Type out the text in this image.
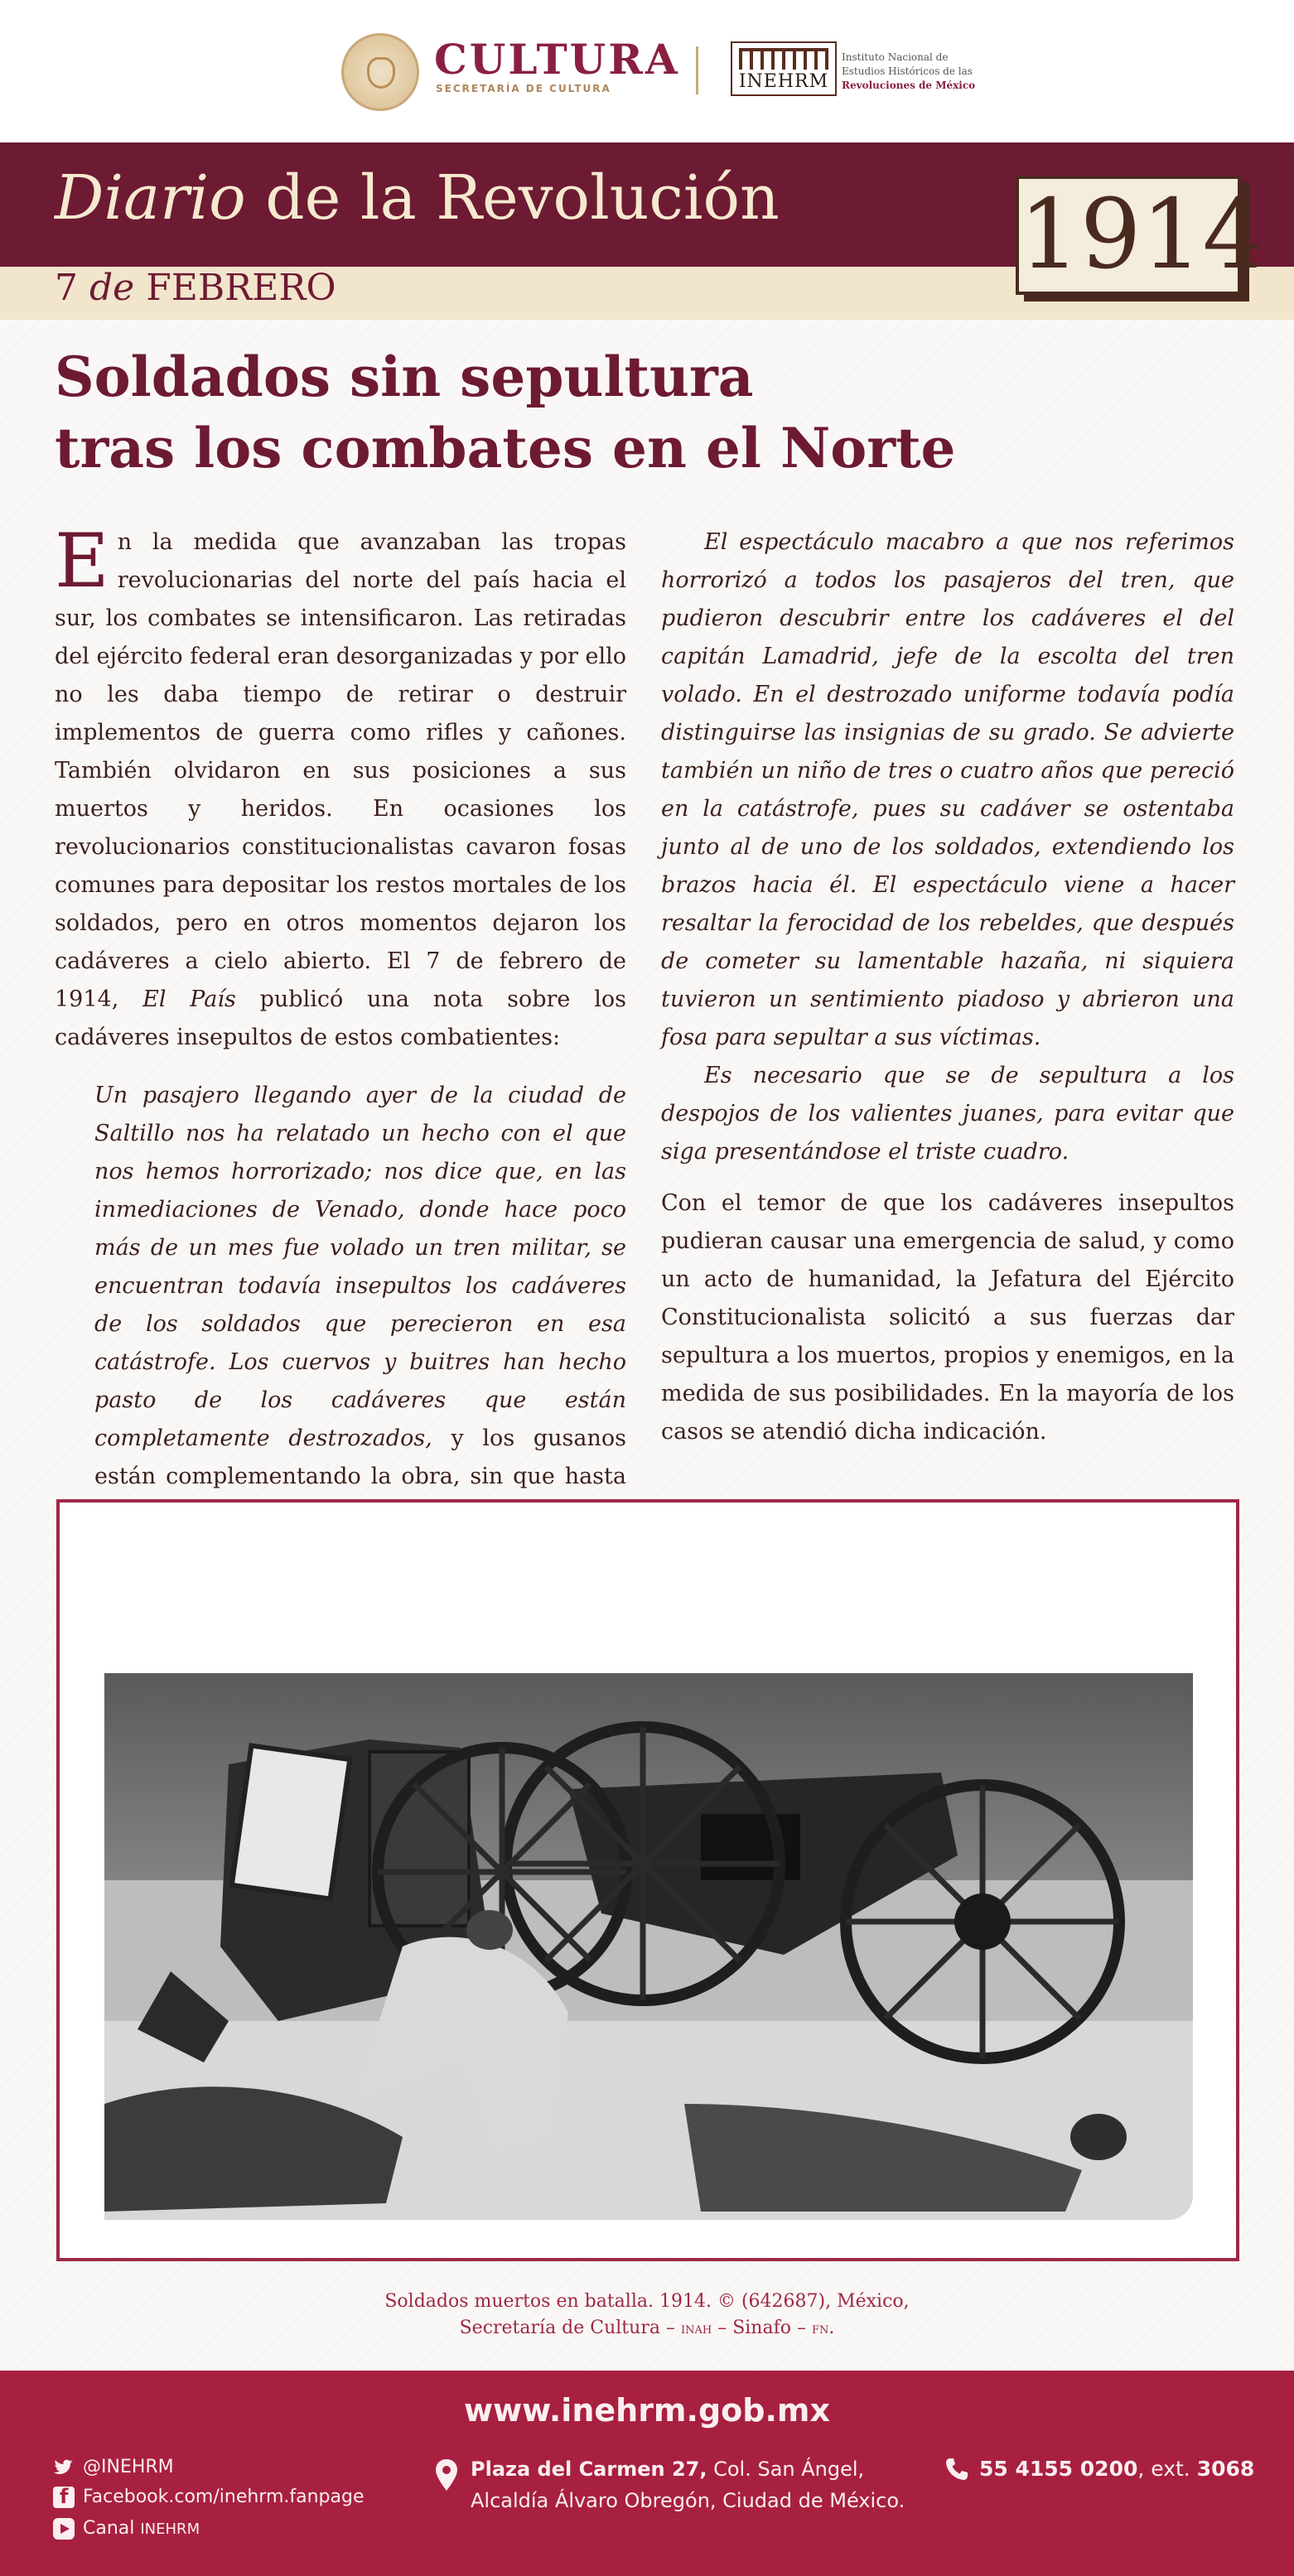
CULTURA
SECRETARÍA DE CULTURA	INEHRM
Instituto Nacional de
Estudios Históricos de las
Revoluciones de México
Diario de la Revolución
7 de FEBRERO	1914
Soldados sin sepultura
tras los combates en el Norte

En la medida que avanzaban las tropas revolucionarias del norte del país hacia el sur, los combates se intensificaron. Las retiradas del ejército federal eran desorganizadas y por ello no les daba tiempo de retirar o destruir implementos de guerra como rifles y cañones. También olvidaron en sus posiciones a sus muertos y heridos. En ocasiones los revolucionarios constitucionalistas cavaron fosas comunes para depositar los restos mortales de los soldados, pero en otros momentos dejaron los cadáveres a cielo abierto. El 7 de febrero de 1914, El País publicó una nota sobre los cadáveres insepultos de estos combatientes:

Un pasajero llegando ayer de la ciudad de Saltillo nos ha relatado un hecho con el que nos hemos horrorizado; nos dice que, en las inmediaciones de Venado, donde hace poco más de un mes fue volado un tren militar, se encuentran todavía insepultos los cadáveres de los soldados que perecieron en esa catástrofe. Los cuervos y buitres han hecho pasto de los cadáveres que están completamente destrozados, y los gusanos están complementando la obra, sin que hasta

El espectáculo macabro a que nos referimos horrorizó a todos los pasajeros del tren, que pudieron descubrir entre los cadáveres el del capitán Lamadrid, jefe de la escolta del tren volado. En el destrozado uniforme todavía podía distinguirse las insignias de su grado. Se advierte también un niño de tres o cuatro años que pereció en la catástrofe, pues su cadáver se ostentaba junto al de uno de los soldados, extendiendo los brazos hacia él. El espectáculo viene a hacer resaltar la ferocidad de los rebeldes, que después de cometer su lamentable hazaña, ni siquiera tuvieron un sentimiento piadoso y abrieron una fosa para sepultar a sus víctimas.

Es necesario que se de sepultura a los despojos de los valientes juanes, para evitar que siga presentándose el triste cuadro.

Con el temor de que los cadáveres insepultos pudieran causar una emergencia de salud, y como un acto de humanidad, la Jefatura del Ejército Constitucionalista solicitó a sus fuerzas dar sepultura a los muertos, propios y enemigos, en la medida de sus posibilidades. En la mayoría de los casos se atendió dicha indicación.

Soldados muertos en batalla. 1914. © (642687), México,
Secretaría de Cultura – inah – Sinafo – fn.
www.inehrm.gob.mx
@INEHRM
fFacebook.com/inehrm.fanpage
Canal INEHRM
Plaza del Carmen 27, Col. San Ángel,
Alcaldía Álvaro Obregón, Ciudad de México.
55 4155 0200, ext. 3068
